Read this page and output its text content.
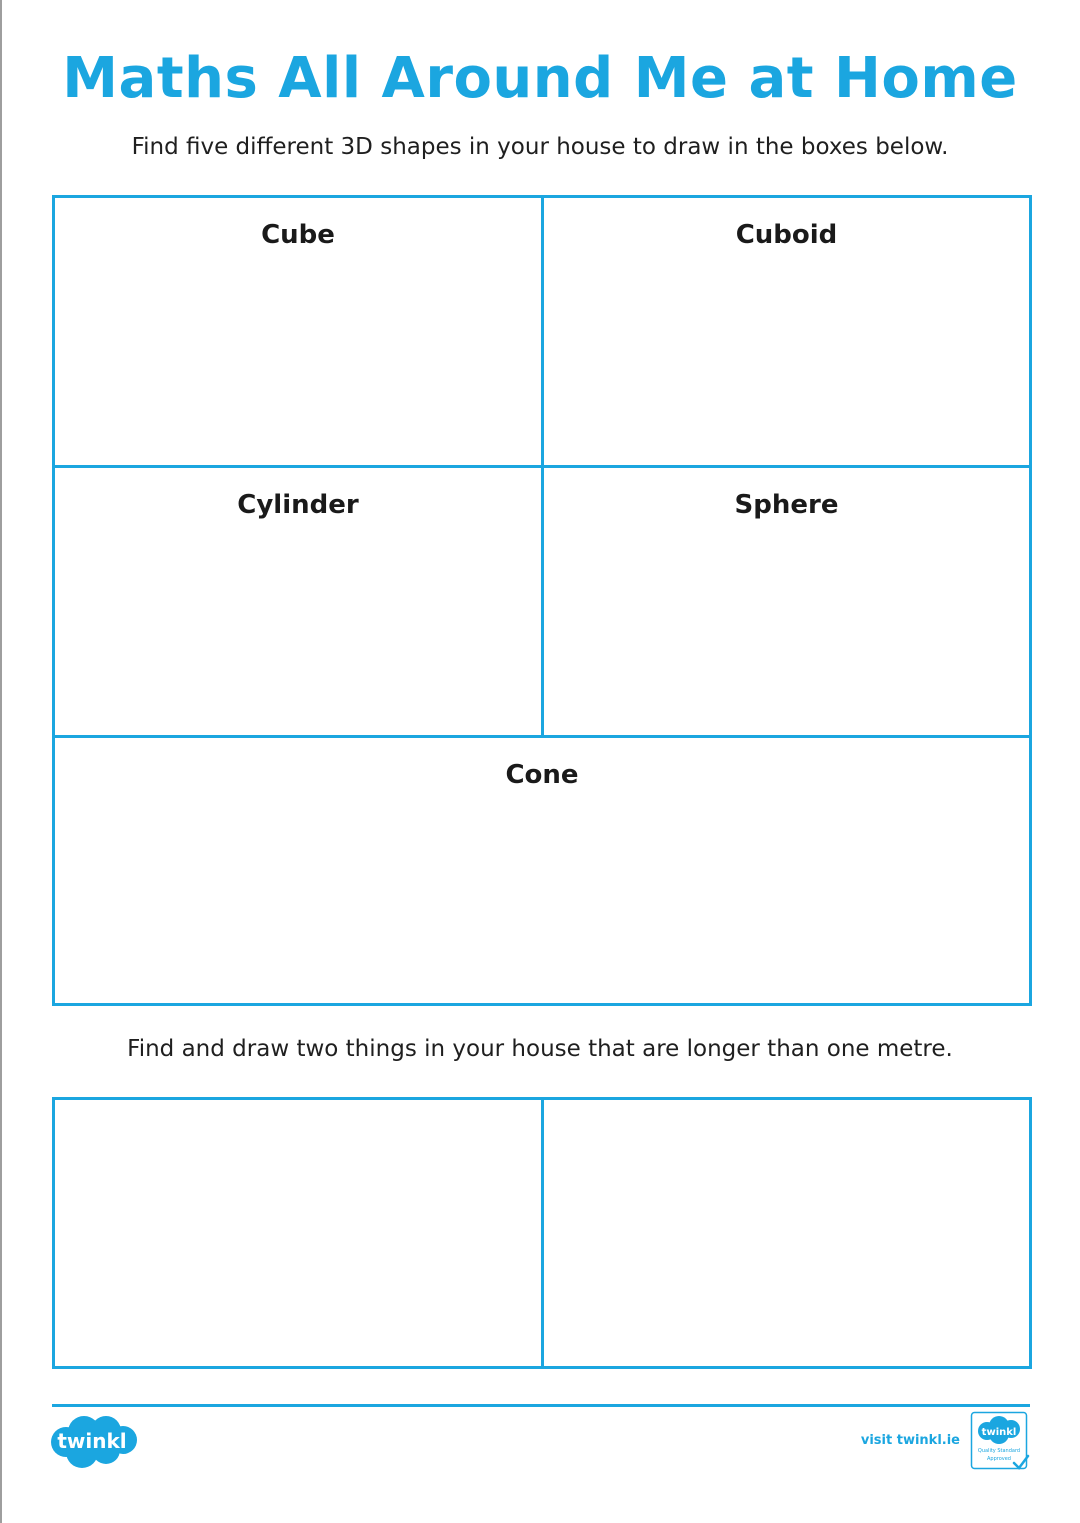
Maths All Around Me at Home
Find five different 3D shapes in your house to draw in the boxes below.
Cube	Cuboid
Cylinder	Sphere
Cone
Find and draw two things in your house that are longer than one metre.
twinkl	visit twinkl.ie
twinkl
Quality Standard
Approved
